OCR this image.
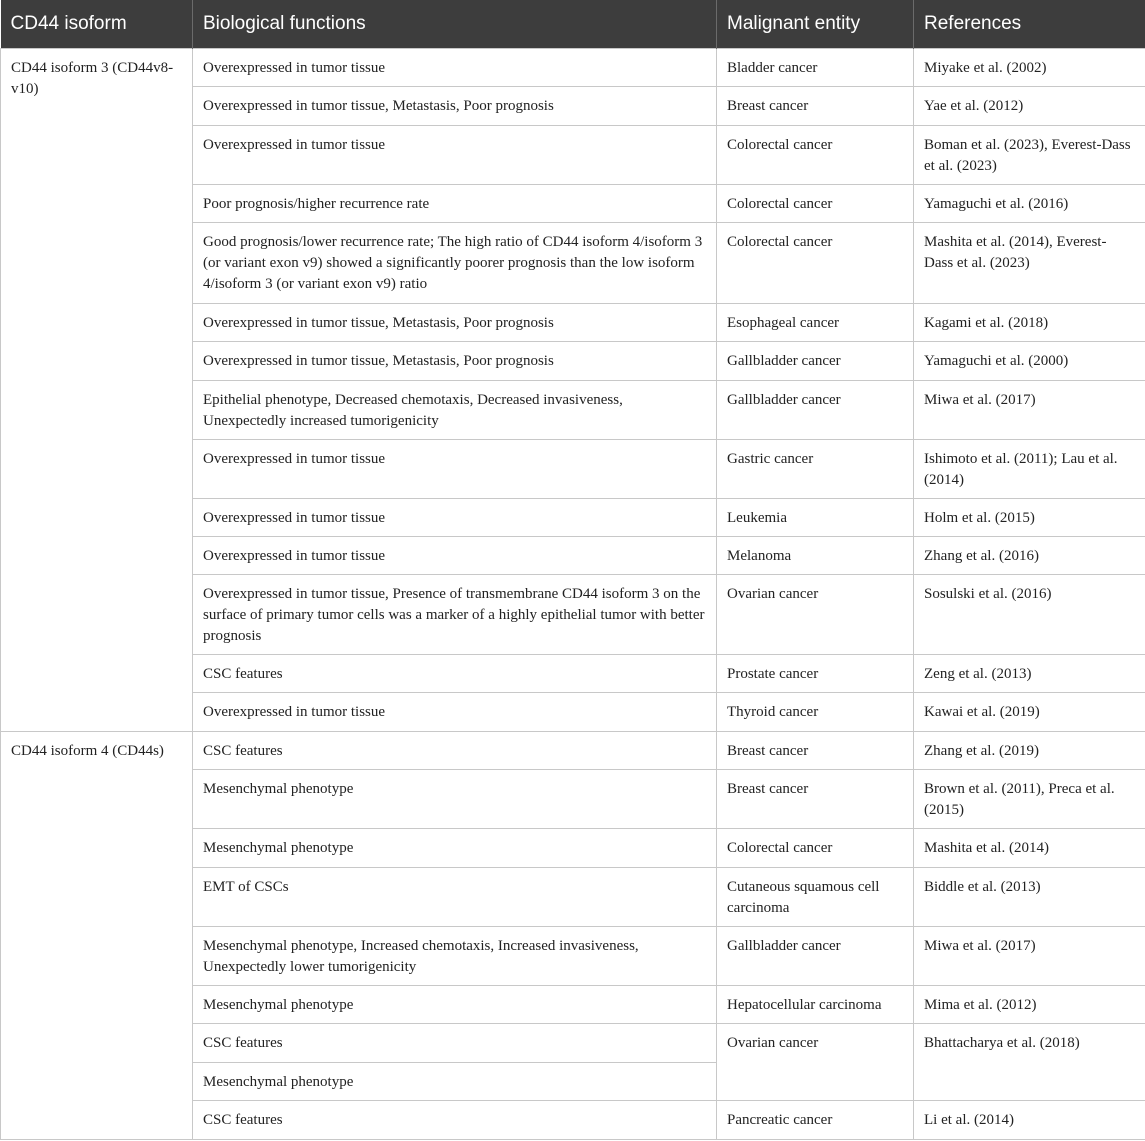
CD44 isoform	Biological functions	Malignant entity	References
CD44 isoform 3 (CD44v8-v10)	Overexpressed in tumor tissue	Bladder cancer	Miyake et al. (2002)
	Overexpressed in tumor tissue, Metastasis, Poor prognosis	Breast cancer	Yae et al. (2012)
	Overexpressed in tumor tissue	Colorectal cancer	Boman et al. (2023), Everest-Dass et al. (2023)
	Poor prognosis/higher recurrence rate	Colorectal cancer	Yamaguchi et al. (2016)
	Good prognosis/lower recurrence rate; The high ratio of CD44 isoform 4/isoform 3 (or variant exon v9) showed a significantly poorer prognosis than the low isoform 4/isoform 3 (or variant exon v9) ratio	Colorectal cancer	Mashita et al. (2014), Everest-Dass et al. (2023)
	Overexpressed in tumor tissue, Metastasis, Poor prognosis	Esophageal cancer	Kagami et al. (2018)
	Overexpressed in tumor tissue, Metastasis, Poor prognosis	Gallbladder cancer	Yamaguchi et al. (2000)
	Epithelial phenotype, Decreased chemotaxis, Decreased invasiveness, Unexpectedly increased tumorigenicity	Gallbladder cancer	Miwa et al. (2017)
	Overexpressed in tumor tissue	Gastric cancer	Ishimoto et al. (2011); Lau et al. (2014)
	Overexpressed in tumor tissue	Leukemia	Holm et al. (2015)
	Overexpressed in tumor tissue	Melanoma	Zhang et al. (2016)
	Overexpressed in tumor tissue, Presence of transmembrane CD44 isoform 3 on the surface of primary tumor cells was a marker of a highly epithelial tumor with better prognosis	Ovarian cancer	Sosulski et al. (2016)
	CSC features	Prostate cancer	Zeng et al. (2013)
	Overexpressed in tumor tissue	Thyroid cancer	Kawai et al. (2019)
CD44 isoform 4 (CD44s)	CSC features	Breast cancer	Zhang et al. (2019)
	Mesenchymal phenotype	Breast cancer	Brown et al. (2011), Preca et al. (2015)
	Mesenchymal phenotype	Colorectal cancer	Mashita et al. (2014)
	EMT of CSCs	Cutaneous squamous cell carcinoma	Biddle et al. (2013)
	Mesenchymal phenotype, Increased chemotaxis, Increased invasiveness, Unexpectedly lower tumorigenicity	Gallbladder cancer	Miwa et al. (2017)
	Mesenchymal phenotype	Hepatocellular carcinoma	Mima et al. (2012)
	CSC features	Ovarian cancer	Bhattacharya et al. (2018)
	Mesenchymal phenotype		
	CSC features	Pancreatic cancer	Li et al. (2014)
